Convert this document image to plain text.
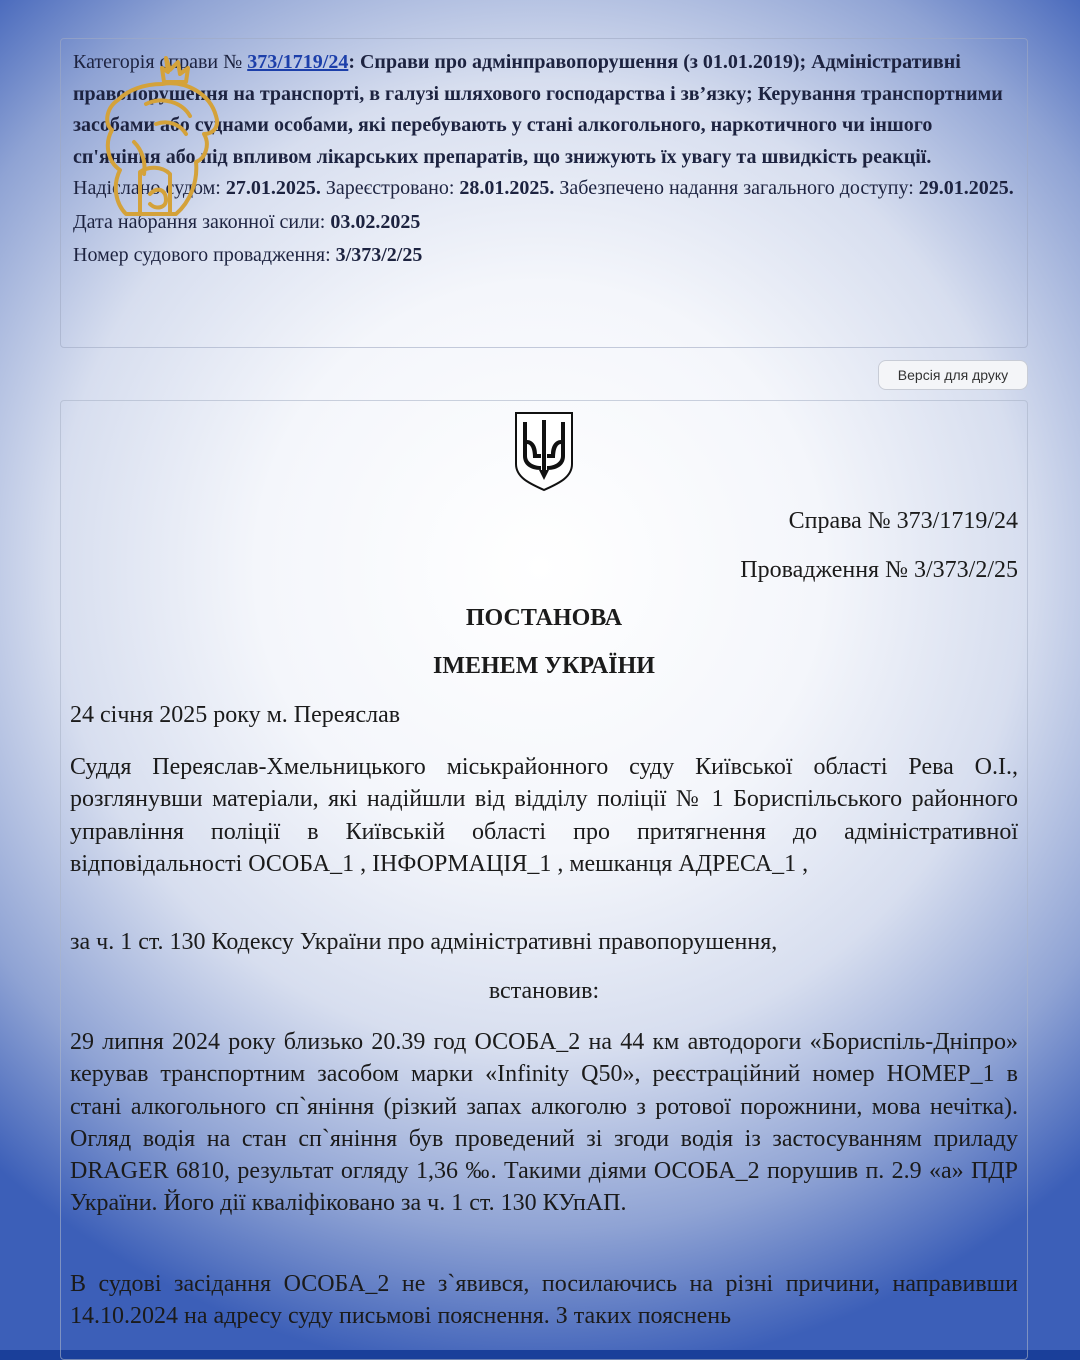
Категорія справи № 373/1719/24: Справи про адмінправопорушення (з 01.01.2019); Адміністративні правопорушення на транспорті, в галузі шляхового господарства і зв’язку; Керування транспортними засобами або суднами особами, які перебувають у стані алкогольного, наркотичного чи іншого сп'яніння або під впливом лікарських препаратів, що знижують їх увагу та швидкість реакції.

Надіслано судом: 27.01.2025. Зареєстровано: 28.01.2025. Забезпечено надання загального доступу: 29.01.2025.

Дата набрання законної сили: 03.02.2025

Номер судового провадження: 3/373/2/25

Версія для друку
Справа № 373/1719/24
Провадження № 3/373/2/25
ПОСТАНОВА
ІМЕНЕМ УКРАЇНИ
24 січня 2025 року м. Переяслав
Суддя Переяслав-Хмельницького міськрайонного суду Київської області Рева О.І., розглянувши матеріали, які надійшли від відділу поліції № 1 Бориспільського районного управління поліції в Київській області про притягнення до адміністративної відповідальності ОСОБА_1 , ІНФОРМАЦІЯ_1 , мешканця АДРЕСА_1 ,
за ч. 1 ст. 130 Кодексу України про адміністративні правопорушення,
встановив:
29 липня 2024 року близько 20.39 год ОСОБА_2 на 44 км автодороги «Бориспіль-Дніпро» керував транспортним засобом марки «Infinity Q50», реєстраційний номер НОМЕР_1 в стані алкогольного сп`яніння (різкий запах алкоголю з ротової порожнини, мова нечітка). Огляд водія на стан сп`яніння був проведений зі згоди водія із застосуванням приладу DRAGER 6810, результат огляду 1,36 ‰. Такими діями ОСОБА_2 порушив п. 2.9 «а» ПДР України. Його дії кваліфіковано за ч. 1 ст. 130 КУпАП.
В судові засідання ОСОБА_2 не з`явився, посилаючись на різні причини, направивши 14.10.2024 на адресу суду письмові пояснення. З таких пояснень
